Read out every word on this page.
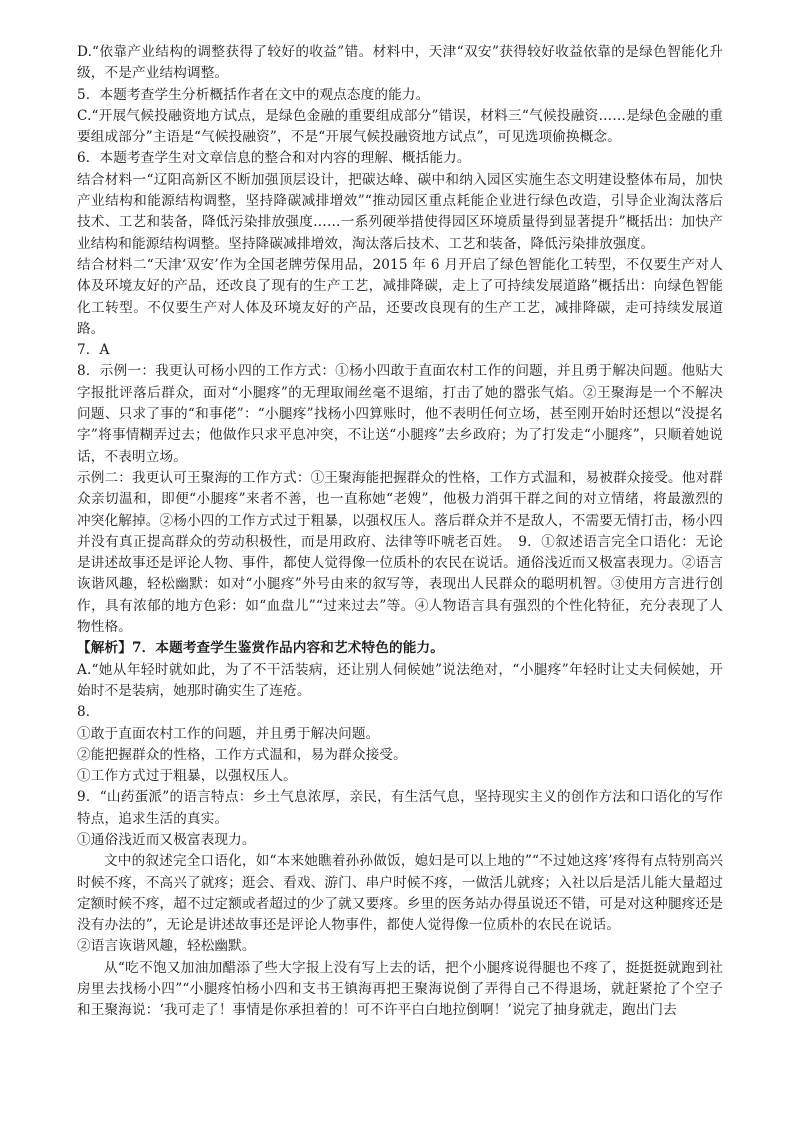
D.“依靠产业结构的调整获得了较好的收益”错。材料中，天津“双安”获得较好收益依靠的是绿色智能化升级，不是产业结构调整。

5．本题考查学生分析概括作者在文中的观点态度的能力。

C.“开展气候投融资地方试点，是绿色金融的重要组成部分”错误，材料三“气候投融资……是绿色金融的重要组成部分”主语是“气候投融资”，不是“开展气候投融资地方试点”，可见选项偷换概念。

6．本题考查学生对文章信息的整合和对内容的理解、概括能力。

结合材料一“辽阳高新区不断加强顶层设计，把碳达峰、碳中和纳入园区实施生态文明建设整体布局，加快产业结构和能源结构调整，坚持降碳减排增效”“推动园区重点耗能企业进行绿色改造，引导企业淘汰落后技术、工艺和装备，降低污染排放强度……一系列硬举措使得园区环境质量得到显著提升”概括出：加快产业结构和能源结构调整。坚持降碳减排增效，淘汰落后技术、工艺和装备，降低污染排放强度。

结合材料二“天津‘双安’作为全国老牌劳保用品，2015 年 6 月开启了绿色智能化工转型，不仅要生产对人体及环境友好的产品，还改良了现有的生产工艺，减排降碳，走上了可持续发展道路”概括出：向绿色智能化工转型。不仅要生产对人体及环境友好的产品，还要改良现有的生产工艺，减排降碳，走可持续发展道路。

7．A

8．示例一：我更认可杨小四的工作方式：①杨小四敢于直面农村工作的问题，并且勇于解决问题。他贴大字报批评落后群众，面对“小腿疼”的无理取闹丝毫不退缩，打击了她的嚣张气焰。②王聚海是一个不解决问题、只求了事的“和事佬”：“小腿疼”找杨小四算账时，他不表明任何立场，甚至刚开始时还想以“没提名字”将事情糊弄过去；他做作只求平息冲突，不让送“小腿疼”去乡政府；为了打发走“小腿疼”，只顺着她说话，不表明立场。

示例二：我更认可王聚海的工作方式：①王聚海能把握群众的性格，工作方式温和，易被群众接受。他对群众亲切温和，即便“小腿疼”来者不善，也一直称她“老嫂”，他极力消弭干群之间的对立情绪，将最激烈的冲突化解掉。②杨小四的工作方式过于粗暴，以强权压人。落后群众并不是敌人，不需要无情打击，杨小四并没有真正提高群众的劳动积极性，而是用政府、法律等吓唬老百姓。　9．①叙述语言完全口语化：无论是讲述故事还是评论人物、事件，都使人觉得像一位质朴的农民在说话。通俗浅近而又极富表现力。②语言诙谐风趣，轻松幽默：如对“小腿疼”外号由来的叙写等，表现出人民群众的聪明机智。③使用方言进行创作，具有浓郁的地方色彩：如“血盘儿”“过来过去”等。④人物语言具有强烈的个性化特征，充分表现了人物性格。

【解析】7．本题考查学生鉴赏作品内容和艺术特色的能力。

A.“她从年轻时就如此，为了不干活装病，还让别人伺候她”说法绝对，“小腿疼”年轻时让丈夫伺候她，开始时不是装病，她那时确实生了连疮。

8．

①敢于直面农村工作的问题，并且勇于解决问题。

②能把握群众的性格，工作方式温和，易为群众接受。

①工作方式过于粗暴，以强权压人。

9．“山药蛋派”的语言特点：乡土气息浓厚，亲民，有生活气息，坚持现实主义的创作方法和口语化的写作特点，追求生活的真实。

①通俗浅近而又极富表现力。

文中的叙述完全口语化，如“本来她瞧着孙孙做饭，媳妇是可以上地的”“不过她这疼’疼得有点特别高兴时候不疼，不高兴了就疼；逛会、看戏、游门、串户时候不疼，一做活儿就疼；入社以后是活儿能大量超过定额时候不疼，超不过定额或者超过的少了就又要疼。乡里的医务站办得虽说还不错，可是对这种腿疼还是没有办法的”，无论是讲述故事还是评论人物事件，都使人觉得像一位质朴的农民在说话。

②语言诙谐风趣，轻松幽默。

从“吃不饱又加油加醋添了些大字报上没有写上去的话，把个小腿疼说得腿也不疼了，挺挺挺就跑到社房里去找杨小四”“小腿疼怕杨小四和支书王镇海再把王聚海说倒了弄得自己不得退场，就赶紧抢了个空子和王聚海说：‘我可走了！事情是你承担着的！可不许平白白地拉倒啊！’说完了抽身就走，跑出门去
